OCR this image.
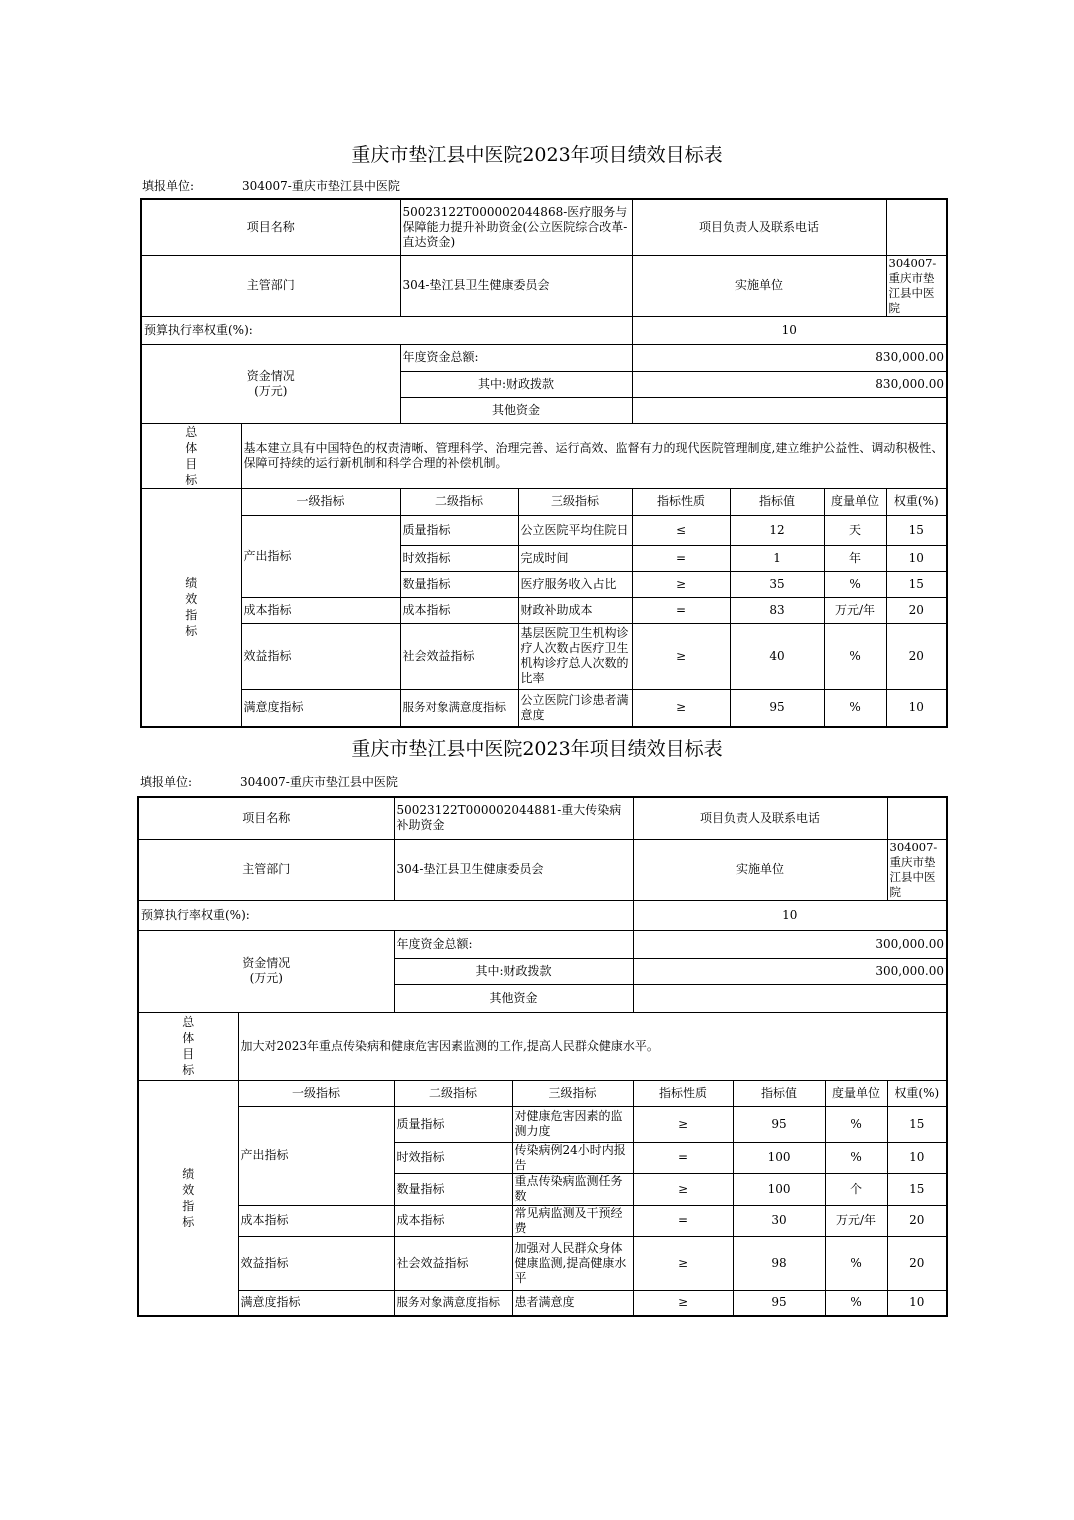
重庆市垫江县中医院2023年项目绩效目标表
填报单位:	304007-重庆市垫江县中医院
项目名称		50023122T000002044868-医疗服务与保障能力提升补助资金(公立医院综合改革-直达资金)		项目负责人及联系电话			
主管部门		304-垫江县卫生健康委员会		实施单位			304007-重庆市垫江县中医院
预算执行率权重(%):				10			
资金情况
(万元)		年度资金总额:		830,000.00			
		其中:财政拨款		830,000.00			
		其他资金					

总
体
目
标	基本建立具有中国特色的权责清晰、管理科学、治理完善、运行高效、监督有力的现代医院管理制度,建立维护公益性、调动积极性、保障可持续的运行新机制和科学合理的补偿机制。						

绩
效
指
标	一级指标	二级指标	三级指标	指标性质	指标值	度量单位	权重(%)
	产出指标	质量指标	公立医院平均住院日	≤	12	天	15
		时效指标	完成时间	=	1	年	10
		数量指标	医疗服务收入占比	≥	35	%	15
	成本指标	成本指标	财政补助成本	=	83	万元/年	20
	效益指标	社会效益指标	基层医院卫生机构诊疗人次数占医疗卫生机构诊疗总人次数的比率	≥	40	%	20
	满意度指标	服务对象满意度指标	公立医院门诊患者满意度	≥	95	%	10
重庆市垫江县中医院2023年项目绩效目标表
填报单位:	304007-重庆市垫江县中医院
项目名称		50023122T000002044881-重大传染病补助资金		项目负责人及联系电话			
主管部门		304-垫江县卫生健康委员会		实施单位			304007-重庆市垫江县中医院
预算执行率权重(%):				10			
资金情况
(万元)		年度资金总额:		300,000.00			
		其中:财政拨款		300,000.00			
		其他资金					

总
体
目
标	加大对2023年重点传染病和健康危害因素监测的工作,提高人民群众健康水平。						

绩
效
指
标	一级指标	二级指标	三级指标	指标性质	指标值	度量单位	权重(%)
	产出指标	质量指标	对健康危害因素的监测力度	≥	95	%	15
		时效指标	传染病例24小时内报告	=	100	%	10
		数量指标	重点传染病监测任务数	≥	100	个	15
	成本指标	成本指标	常见病监测及干预经费	=	30	万元/年	20
	效益指标	社会效益指标	加强对人民群众身体健康监测,提高健康水平	≥	98	%	20
	满意度指标	服务对象满意度指标	患者满意度	≥	95	%	10
